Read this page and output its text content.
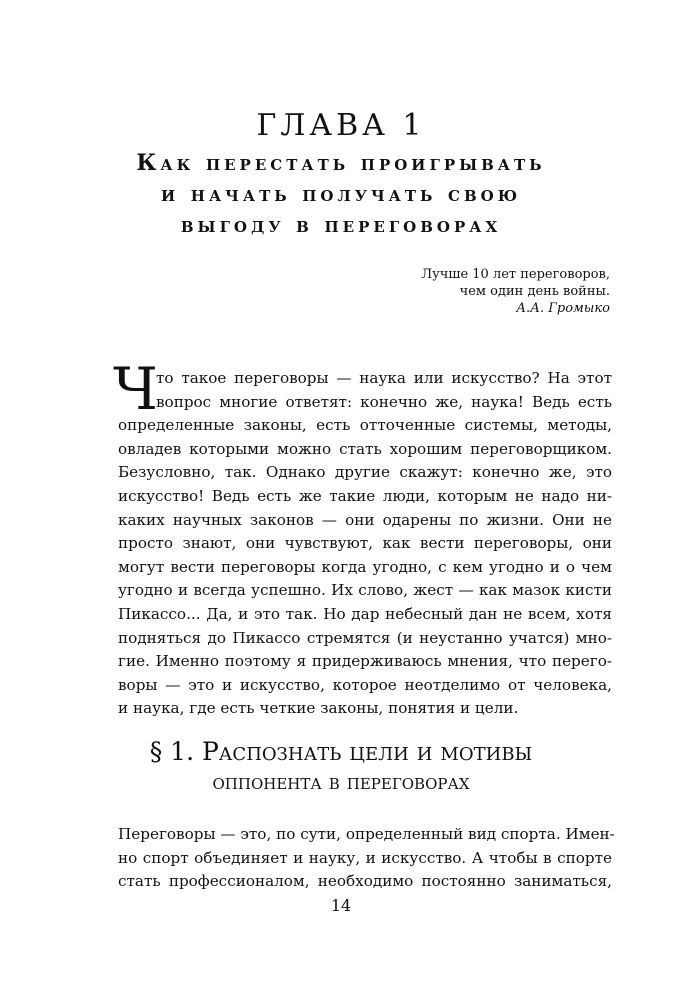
ГЛАВА 1
Как перестать проигрывать
и начать получать свою
выгоду в переговорах
Лучше 10 лет переговоров,
чем один день войны.
А.А. Громыко
Ч
то такое переговоры — наука или искусство? На этот
вопрос многие ответят: конечно же, наука! Ведь есть
определенные законы, есть отточенные системы, методы,
овладев которыми можно стать хорошим переговорщиком.
Безусловно, так. Однако другие скажут: конечно же, это
искусство! Ведь есть же такие люди, которым не надо ни-
каких научных законов — они одарены по жизни. Они не
просто знают, они чувствуют, как вести переговоры, они
могут вести переговоры когда угодно, с кем угодно и о чем
угодно и всегда успешно. Их слово, жест — как мазок кисти
Пикассо... Да, и это так. Но дар небесный дан не всем, хотя
подняться до Пикассо стремятся (и неустанно учатся) мно-
гие. Именно поэтому я придерживаюсь мнения, что перего-
воры — это и искусство, которое неотделимо от человека,
и наука, где есть четкие законы, понятия и цели.
§ 1. Распознать цели и мотивы
оппонента в переговорах
Переговоры — это, по сути, определенный вид спорта. Имен-
но спорт объединяет и науку, и искусство. А чтобы в спорте
стать профессионалом, необходимо постоянно заниматься,
14
